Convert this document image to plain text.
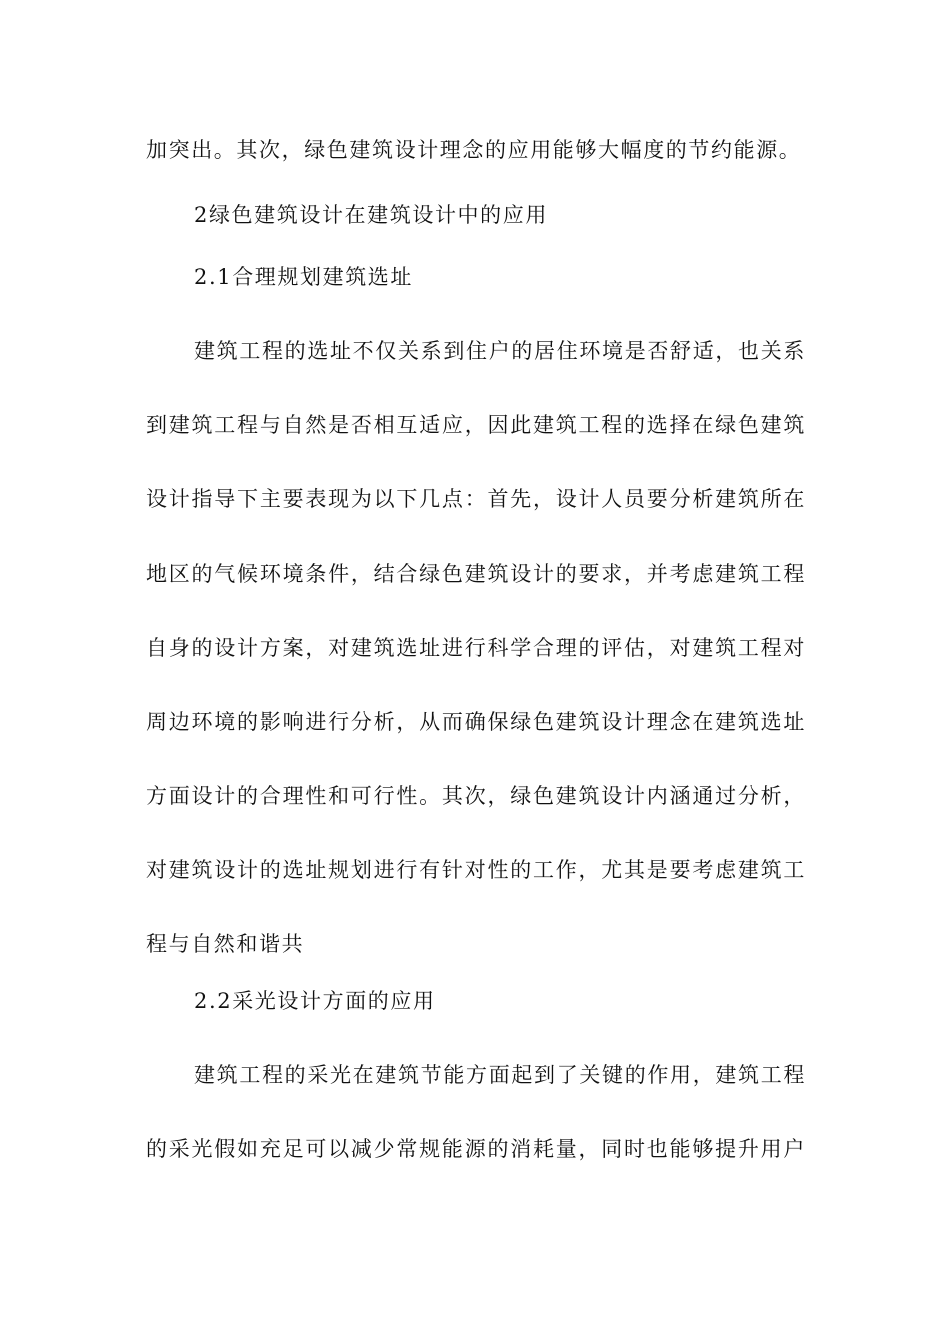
加突出。其次，绿色建筑设计理念的应用能够大幅度的节约能源。
2绿色建筑设计在建筑设计中的应用
2.1合理规划建筑选址
建筑工程的选址不仅关系到住户的居住环境是否舒适，也关系
到建筑工程与自然是否相互适应，因此建筑工程的选择在绿色建筑
设计指导下主要表现为以下几点：首先，设计人员要分析建筑所在
地区的气候环境条件，结合绿色建筑设计的要求，并考虑建筑工程
自身的设计方案，对建筑选址进行科学合理的评估，对建筑工程对
周边环境的影响进行分析，从而确保绿色建筑设计理念在建筑选址
方面设计的合理性和可行性。其次，绿色建筑设计内涵通过分析，
对建筑设计的选址规划进行有针对性的工作，尤其是要考虑建筑工
程与自然和谐共
2.2采光设计方面的应用
建筑工程的采光在建筑节能方面起到了关键的作用，建筑工程
的采光假如充足可以减少常规能源的消耗量，同时也能够提升用户
